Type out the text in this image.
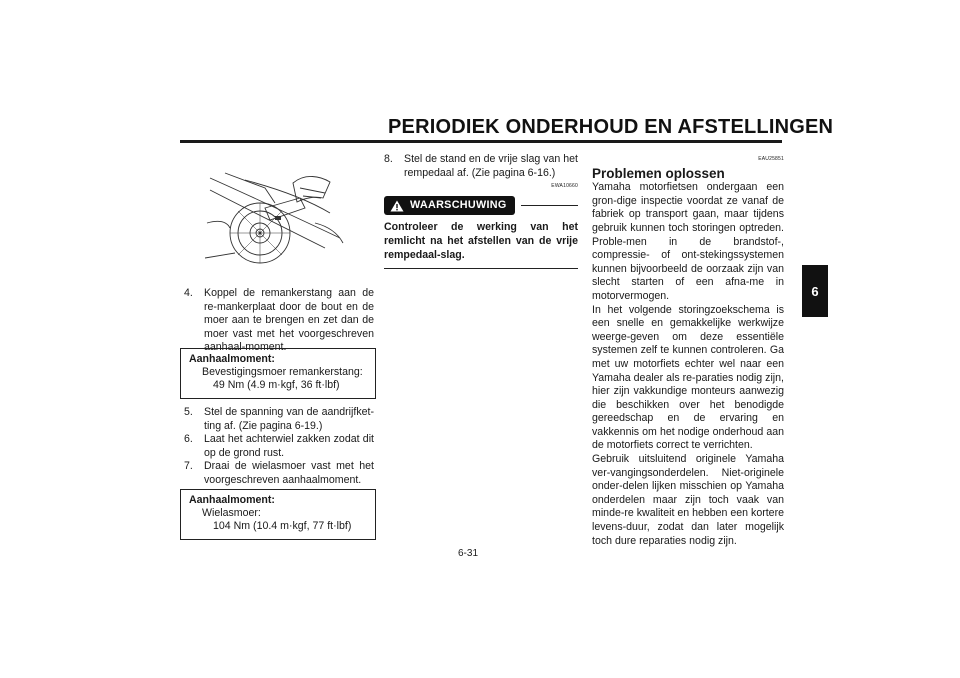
PERIODIEK ONDERHOUD EN AFSTELLINGEN
6
4.	Koppel de remankerstang aan de re-mankerplaat door de bout en de moer aan te brengen en zet dan de moer vast met het voorgeschreven aanhaal-moment.
Aanhaalmoment:
Bevestigingsmoer remankerstang:
49 Nm (4.9 m·kgf, 36 ft·lbf)
5.	Stel de spanning van de aandrijfket-ting af. (Zie pagina 6-19.)
6.	Laat het achterwiel zakken zodat dit op de grond rust.
7.	Draai de wielasmoer vast met het voorgeschreven aanhaalmoment.
Aanhaalmoment:
Wielasmoer:
104 Nm (10.4 m·kgf, 77 ft·lbf)
8.	Stel de stand en de vrije slag van het rempedaal af. (Zie pagina 6-16.)
EWA10660
WAARSCHUWING
Controleer de werking van het remlicht na het afstellen van de vrije rempedaal-slag.
EAU25851
Problemen oplossen
Yamaha motorfietsen ondergaan een gron-dige inspectie voordat ze vanaf de fabriek op transport gaan, maar tijdens gebruik kunnen toch storingen optreden. Proble-men in de brandstof-, compressie- of ont-stekingssystemen kunnen bijvoorbeeld de oorzaak zijn van slecht starten of een afna-me in motorvermogen.
In het volgende storingzoekschema is een snelle en gemakkelijke werkwijze weerge-geven om deze essentiële systemen zelf te kunnen controleren. Ga met uw motorfiets echter wel naar een Yamaha dealer als re-paraties nodig zijn, hier zijn vakkundige monteurs aanwezig die beschikken over het benodigde gereedschap en de ervaring en vakkennis om het nodige onderhoud aan de motorfiets correct te verrichten.
Gebruik uitsluitend originele Yamaha ver-vangingsonderdelen. Niet-originele onder-delen lijken misschien op Yamaha onderdelen maar zijn toch vaak van minde-re kwaliteit en hebben een kortere levens-duur, zodat dan later mogelijk toch dure reparaties nodig zijn.
6-31
